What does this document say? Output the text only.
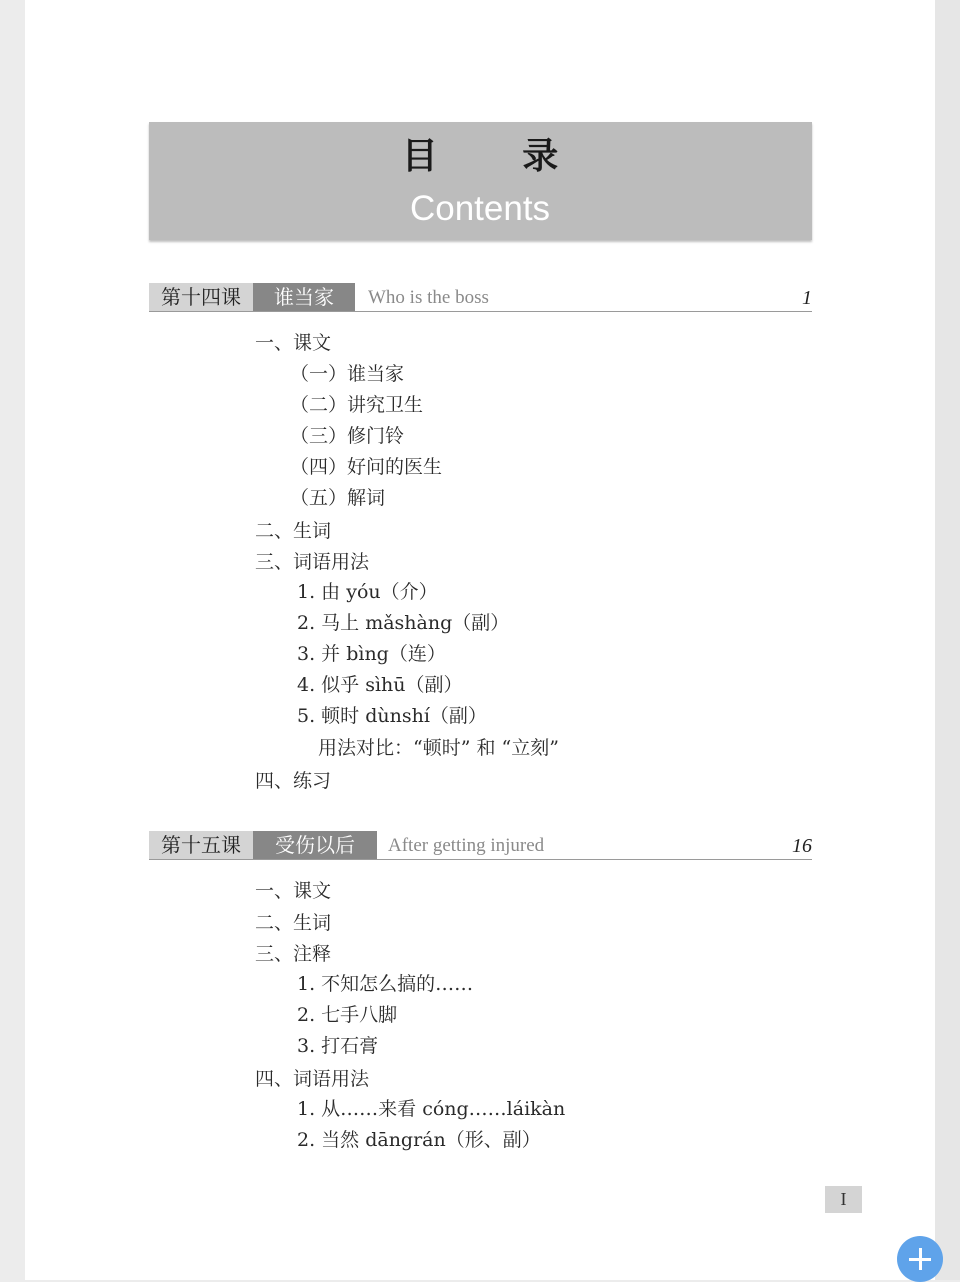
目 录
Contents
第十四课	谁当家	Who is the boss	1
一、课文
（一）谁当家
（二）讲究卫生
（三）修门铃
（四）好问的医生
（五）解词
二、生词
三、词语用法
1. 由 yóu（介）
2. 马上 mǎshàng（副）
3. 并 bìng（连）
4. 似乎 sìhū（副）
5. 顿时 dùnshí（副）
用法对比：“顿时” 和 “立刻”
四、练习
第十五课	受伤以后	After getting injured	16
一、课文
二、生词
三、注释
1. 不知怎么搞的……
2. 七手八脚
3. 打石膏
四、词语用法
1. 从……来看 cóng……láikàn
2. 当然 dāngrán（形、副）
I
